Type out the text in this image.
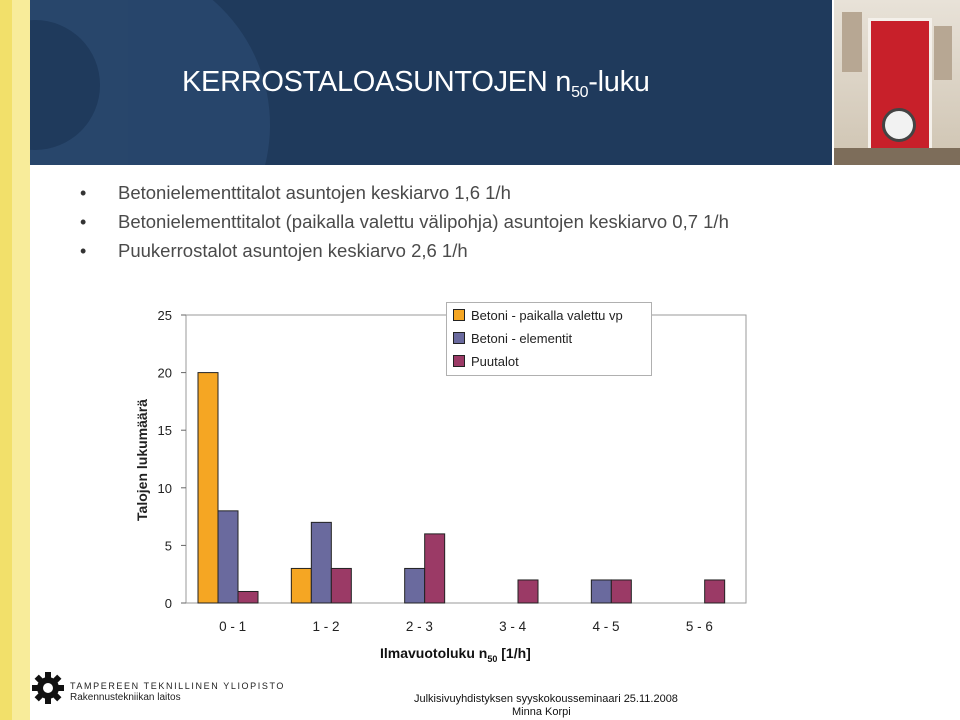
KERROSTALOASUNTOJEN $n_{50}$-luku
• Betonielementtitalot asuntojen keskiarvo 1,6 1/h
• Betonielementtitalot (paikalla valettu välipohja) asuntojen keskiarvo 0,7 1/h
• Puukerrostalot asuntojen keskiarvo 2,6 1/h
Talojen lukumäärä
0
5
10
15
20
25
0 - 1	1 - 2	2 - 3	3 - 4	4 - 5	5 - 6
Betoni - paikalla valettu vp
Betoni - elementit
Puutalot
Ilmavuotoluku $n_{50}$ [1/h]
TAMPEREEN TEKNILLINEN YLIOPISTO
Rakennustekniikan laitos	Julkisivuyhdistyksen syyskokousseminaari 25.11.2008
Minna Korpi
